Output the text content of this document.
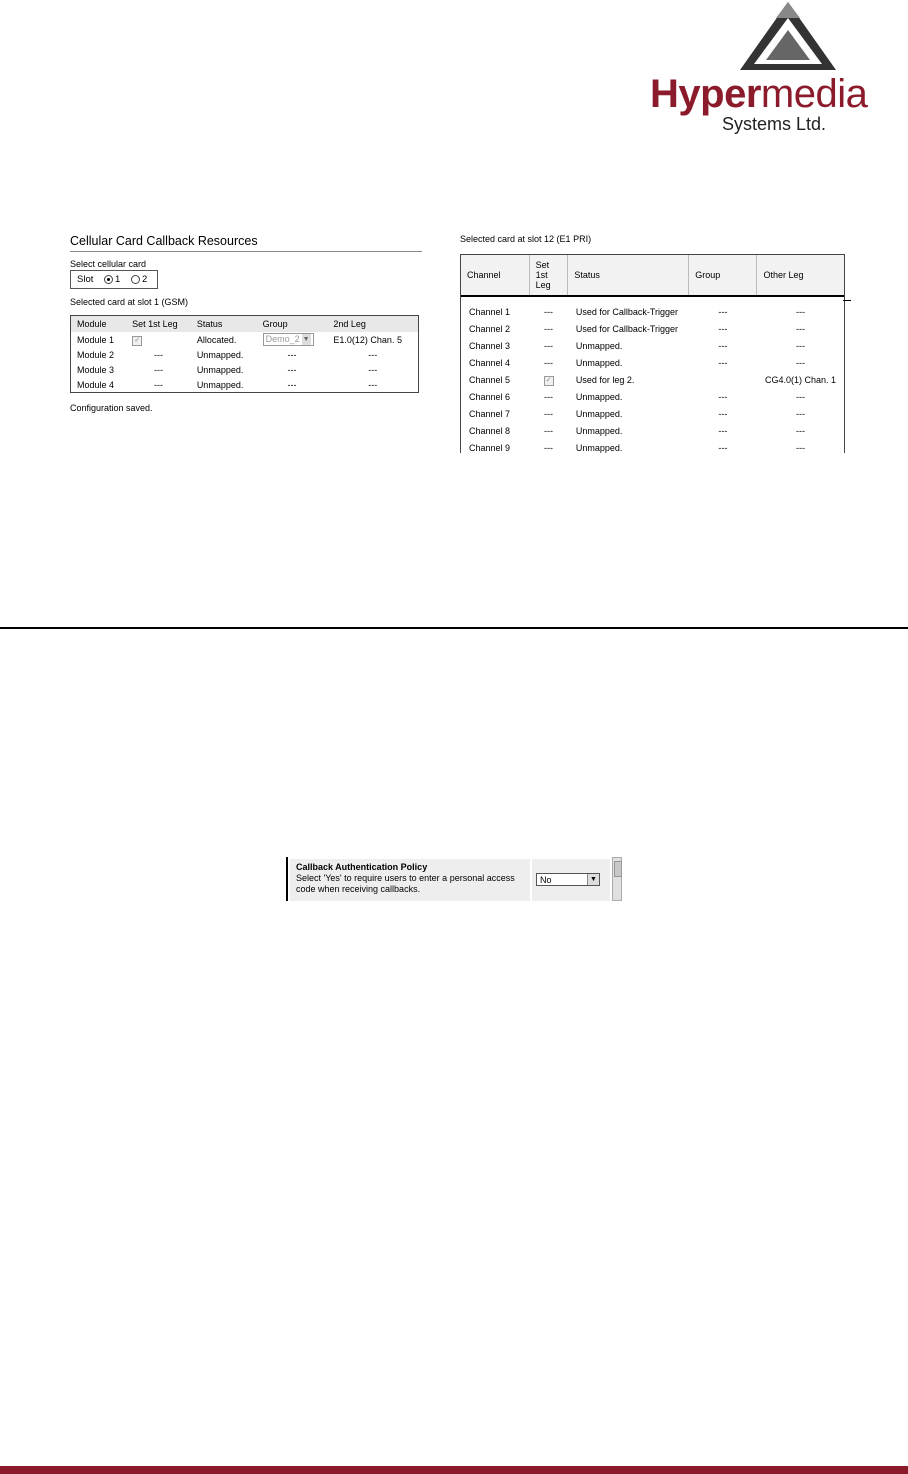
Hypermedia
Systems Ltd.
Cellular Card Callback Resources
Select cellular card
Slot 1 2
Selected card at slot 1 (GSM)
Module	Set 1st Leg	Status	Group	2nd Leg
Module 1	✓	Allocated.	Demo_2 ▼	E1.0(12) Chan. 5
Module 2	---	Unmapped.	---	---
Module 3	---	Unmapped.	---	---
Module 4	---	Unmapped.	---	---
Configuration saved.
Selected card at slot 12 (E1 PRI)
Channel	Set 1st Leg	Status	Group	Other Leg
Channel 1	---	Used for Callback-Trigger	---	---
Channel 2	---	Used for Callback-Trigger	---	---
Channel 3	---	Unmapped.	---	---
Channel 4	---	Unmapped.	---	---
Channel 5	✓	Used for leg 2.		CG4.0(1) Chan. 1
Channel 6	---	Unmapped.	---	---
Channel 7	---	Unmapped.	---	---
Channel 8	---	Unmapped.	---	---
Channel 9	---	Unmapped.	---	---
Callback Authentication Policy
Select 'Yes' to require users to enter a personal access code when receiving callbacks.
No	▼
